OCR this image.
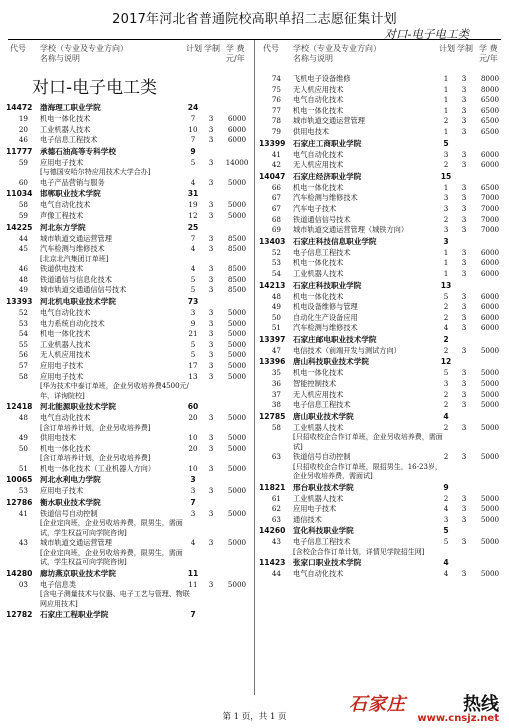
2017年河北省普通院校高职单招二志愿征集计划
对口-电子电工类
代号 学校（专业及专业方向）
名称与说明
计划 学制 学 费
元/年
对口-电子电工类
14472 渤海理工职业学院	24
19 机电一体化技术	7	3	6000
20 工业机器人技术	10	3	6000
46 电子信息工程技术	7	3	6000
11777 承德石油高等专科学校	9
59 应用电子技术	5	3	14000
[与德国安哈尔特应用技术大学合办]
60 电子产品营销与服务	4	3	5000
11034 邯郸职业技术学院	31
58 电气自动化技术	19	3	5000
59 声像工程技术	12	3	5000
14225 河北东方学院	25
44 城市轨道交通运营管理	7	3	8500
45 汽车检测与维修技术	4	3	8500
[北京北汽集团订单班]
46 铁道供电技术	4	3	8500
48 铁道通信与信息化技术	5	3	8500
49 城市轨道交通通信信号技术	5	3	8500
13393 河北机电职业技术学院	73
52 电气自动化技术	3	3	5000
53 电力系统自动化技术	9	3	5000
54 机电一体化技术	21	3	5000
55 工业机器人技术	5	3	5000
56 无人机应用技术	5	3	5000
57 应用电子技术	17	3	5000
58 应用电子技术	13	3	5000
[华为技术中泰订单班，企业另收培养费4500元/年，详询院校]
12418 河北能源职业技术学院	60
48 电气自动化技术	20	3	5000
[含订单培养计划，企业另收培养费]
49 供用电技术	10	3	5000
50 机电一体化技术	20	3	5000
[含订单培养计划，企业另收培养费]
51 机电一体化技术（工业机器人方向）	10	3	5000
10065 河北水利电力学院	3
53 应用电子技术	3	3	5000
12786 衡水职业技术学院	7
41 铁道信号自动控制	3	3	5000
[企业定向班，企业另收培养费，限男生，需面试，学生权益可向学院咨询]
43 城市轨道交通运营管理	4	3	5000
[企业定向班，企业另收培养费，限男生，需面试，学生权益可向学院咨询]
14280 廊坊燕京职业技术学院	11
03 电子信息类	11	3	5000
[含电子测量技术与仪器、电子工艺与管理、物联网应用技术]
12782 石家庄工程职业学院	7
代号 学校（专业及专业方向）
名称与说明
计划 学制 学 费
元/年
74 飞机电子设备维修	1	3	8000
75 无人机应用技术	1	3	8000
76 电气自动化技术	1	3	6500
77 机电一体化技术	1	3	6500
78 城市轨道交通运营管理	2	3	6500
79 供用电技术	1	3	6500
13399 石家庄工商职业学院	5
41 电气自动化技术	3	3	6000
42 无人机应用技术	2	3	6000
14047 石家庄经济职业学院	15
66 机电一体化技术	1	3	6500
67 汽车检测与维修技术	3	3	7000
67 汽车电子技术	3	3	7000
68 铁道通信信号技术	2	3	7000
69 城市轨道交通运营管理（城铁方向）	3	3	7000
13403 石家庄科技信息职业学院	3
52 电子信息工程技术	1	3	6000
53 机电一体化技术	1	3	6000
54 工业机器人技术	1	3	6000
14213 石家庄科技职业学院	13
48 机电一体化技术	5	3	6000
49 机电设备维修与管理	2	3	6000
50 自动化生产设备应用	2	3	6000
51 汽车检测与维修技术	4	3	6000
13397 石家庄邮电职业技术学院	2
47 电信技术（前端开发与测试方向）	2	3	5000
13396 唐山科技职业技术学院	12
35 机电一体化技术	5	3	5000
36 智能控制技术	3	3	5000
37 无人机应用技术	2	3	5000
38 电子信息工程技术	2	3	5000
12785 唐山职业技术学院	4
58 工业机器人技术	2	3	5000
[只招收校企合作订单班，企业另收培养费，需面试]
63 铁道信号自动控制	2	3	5000
[只招收校企合作订单班，限招男生，16-23岁，企业另收培养费，需面试]
11821 邢台职业技术学院	9
61 工业机器人技术	2	3	5000
62 应用电子技术	4	3	5000
63 通信技术	3	3	5000
14260 宣化科技职业学院	5
43 电子信息工程技术	5	3	5000
[含校企合作订单计划，详情见学院招生网]
11423 张家口职业技术学院	4
44 电气自动化技术	4	3	5000
第 1 页，共 1 页
石家庄	热线
www.cnsjz.net
